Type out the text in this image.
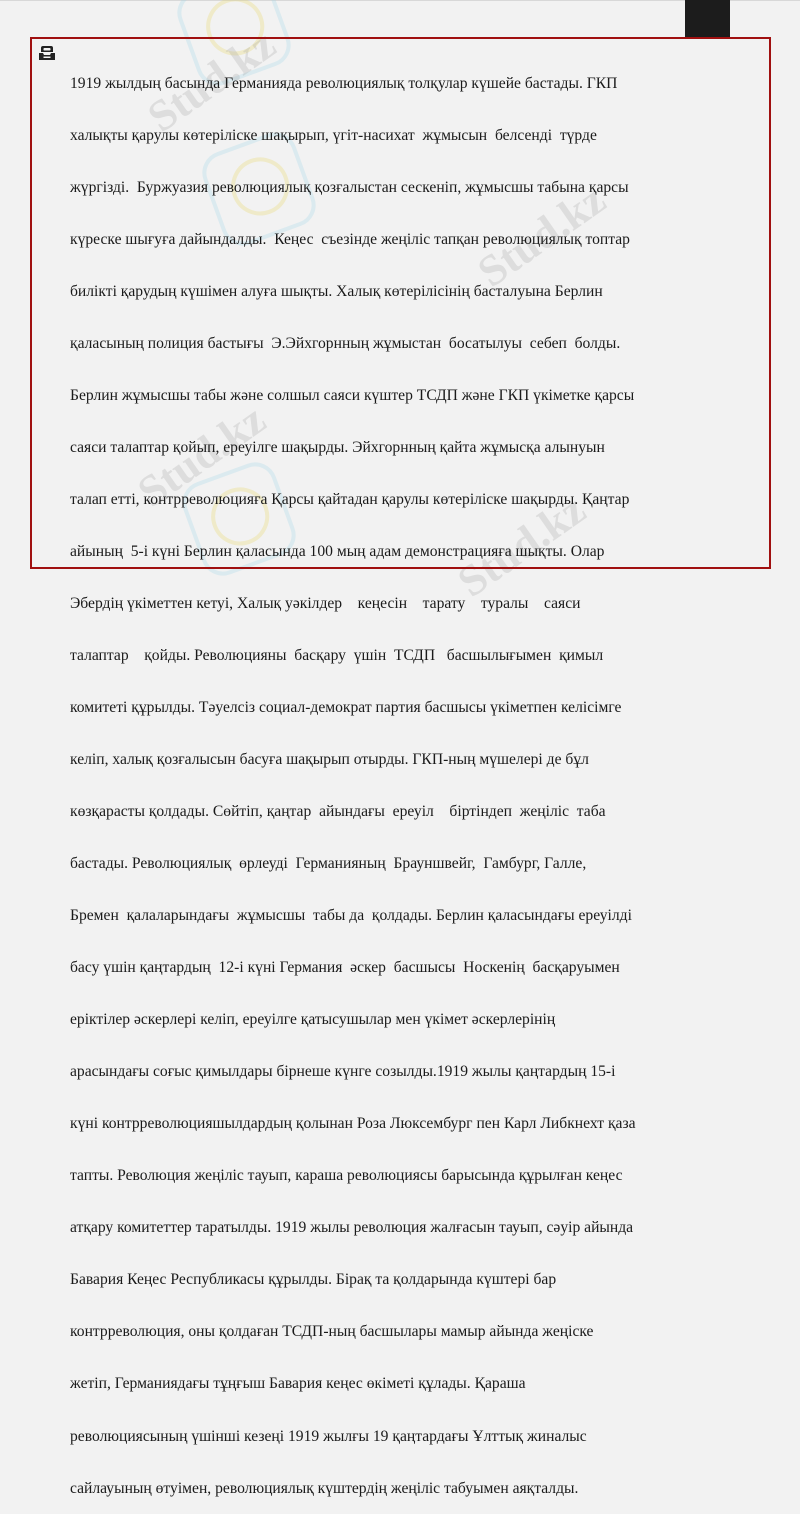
Stud.kz
Stud.kz
Stud.kz
Stud.kz

1919 жылдың басында Германияда революциялық толқулар күшейе бастады. ГКП

халықты қарулы көтеріліске шақырып, үгіт-насихат  жұмысын  белсенді  түрде

жүргізді.  Буржуазия революциялық қозғалыстан сескеніп, жұмысшы табына қарсы

күреске шығуға дайындалды.  Кеңес  съезінде жеңіліс тапқан революциялық топтар

билікті қарудың күшімен алуға шықты. Халық көтерілісінің басталуына Берлин

қаласының полиция бастығы  Э.Эйхгорнның жұмыстан  босатылуы  себеп  болды.

Берлин жұмысшы табы және солшыл саяси күштер ТСДП және ГКП үкіметке қарсы

саяси талаптар қойып, ереуілге шақырды. Эйхгорнның қайта жұмысқа алынуын

талап етті, контрреволюцияға Қарсы қайтадан қарулы көтеріліске шақырды. Қаңтар

айының  5-і күні Берлин қаласында 100 мың адам демонстрацияға шықты. Олар

Эбердің үкіметтен кетуі, Халық уәкілдер    кеңесін    тарату    туралы    саяси

талаптар    қойды. Революцияны  басқару  үшін  ТСДП   басшылығымен  қимыл

комитеті құрылды. Тәуелсіз социал-демократ партия басшысы үкіметпен келісімге

келіп, халық қозғалысын басуға шақырып отырды. ГКП-ның мүшелері де бұл

көзқарасты қолдады. Сөйтіп, қаңтар  айындағы  ереуіл    біртіндеп  жеңіліс  таба

бастады. Революциялық  өрлеуді  Германияның  Брауншвейг,  Гамбург, Галле,

Бремен  қалаларындағы  жұмысшы  табы да  қолдады. Берлин қаласындағы ереуілді

басу үшін қаңтардың  12-і күні Германия  әскер  басшысы  Носкенің  басқаруымен

еріктілер әскерлері келіп, ереуілге қатысушылар мен үкімет әскерлерінің

арасындағы соғыс қимылдары бірнеше күнге созылды.1919 жылы қаңтардың 15-і

күні контрреволюцияшылдардың қолынан Роза Люксембург пен Карл Либкнехт қаза

тапты. Революция жеңіліс тауып, караша революциясы барысында құрылған кеңес

атқару комитеттер таратылды. 1919 жылы революция жалғасын тауып, сәуір айында

Бавария Кеңес Республикасы құрылды. Бірақ та қолдарында күштері бар

контрреволюция, оны қолдаған ТСДП-ның басшылары мамыр айында жеңіске

жетіп, Германиядағы тұңғыш Бавария кеңес өкіметі құлады. Қараша

революциясының үшінші кезеңі 1919 жылғы 19 қаңтардағы Ұлттық жиналыс

сайлауының өтуімен, революциялық күштердің жеңіліс табуымен аяқталды.
